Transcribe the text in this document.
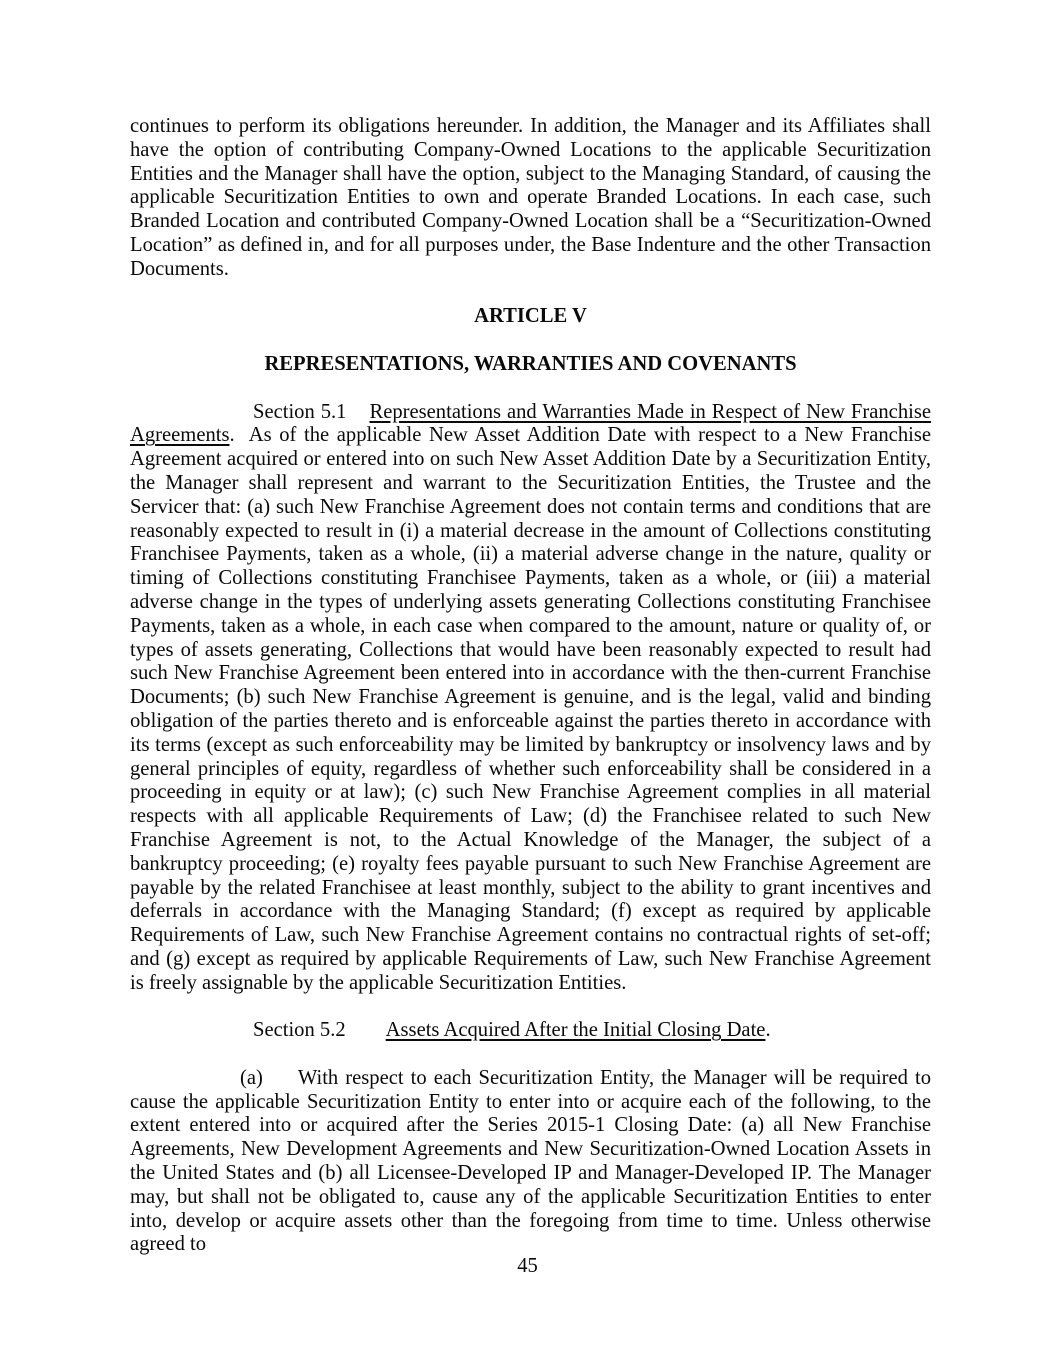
continues to perform its obligations hereunder. In addition, the Manager and its Affiliates shall have the option of contributing Company-Owned Locations to the applicable Securitization Entities and the Manager shall have the option, subject to the Managing Standard, of causing the applicable Securitization Entities to own and operate Branded Locations. In each case, such Branded Location and contributed Company-Owned Location shall be a “Securitization-Owned Location” as defined in, and for all purposes under, the Base Indenture and the other Transaction Documents.

ARTICLE V

REPRESENTATIONS, WARRANTIES AND COVENANTS

Section 5.1 Representations and Warranties Made in Respect of New Franchise Agreements. As of the applicable New Asset Addition Date with respect to a New Franchise Agreement acquired or entered into on such New Asset Addition Date by a Securitization Entity, the Manager shall represent and warrant to the Securitization Entities, the Trustee and the Servicer that: (a) such New Franchise Agreement does not contain terms and conditions that are reasonably expected to result in (i) a material decrease in the amount of Collections constituting Franchisee Payments, taken as a whole, (ii) a material adverse change in the nature, quality or timing of Collections constituting Franchisee Payments, taken as a whole, or (iii) a material adverse change in the types of underlying assets generating Collections constituting Franchisee Payments, taken as a whole, in each case when compared to the amount, nature or quality of, or types of assets generating, Collections that would have been reasonably expected to result had such New Franchise Agreement been entered into in accordance with the then-current Franchise Documents; (b) such New Franchise Agreement is genuine, and is the legal, valid and binding obligation of the parties thereto and is enforceable against the parties thereto in accordance with its terms (except as such enforceability may be limited by bankruptcy or insolvency laws and by general principles of equity, regardless of whether such enforceability shall be considered in a proceeding in equity or at law); (c) such New Franchise Agreement complies in all material respects with all applicable Requirements of Law; (d) the Franchisee related to such New Franchise Agreement is not, to the Actual Knowledge of the Manager, the subject of a bankruptcy proceeding; (e) royalty fees payable pursuant to such New Franchise Agreement are payable by the related Franchisee at least monthly, subject to the ability to grant incentives and deferrals in accordance with the Managing Standard; (f) except as required by applicable Requirements of Law, such New Franchise Agreement contains no contractual rights of set-off; and (g) except as required by applicable Requirements of Law, such New Franchise Agreement is freely assignable by the applicable Securitization Entities.

Section 5.2 Assets Acquired After the Initial Closing Date.

(a) With respect to each Securitization Entity, the Manager will be required to cause the applicable Securitization Entity to enter into or acquire each of the following, to the extent entered into or acquired after the Series 2015-1 Closing Date: (a) all New Franchise Agreements, New Development Agreements and New Securitization-Owned Location Assets in the United States and (b) all Licensee-Developed IP and Manager-Developed IP. The Manager may, but shall not be obligated to, cause any of the applicable Securitization Entities to enter into, develop or acquire assets other than the foregoing from time to time. Unless otherwise agreed to

45
